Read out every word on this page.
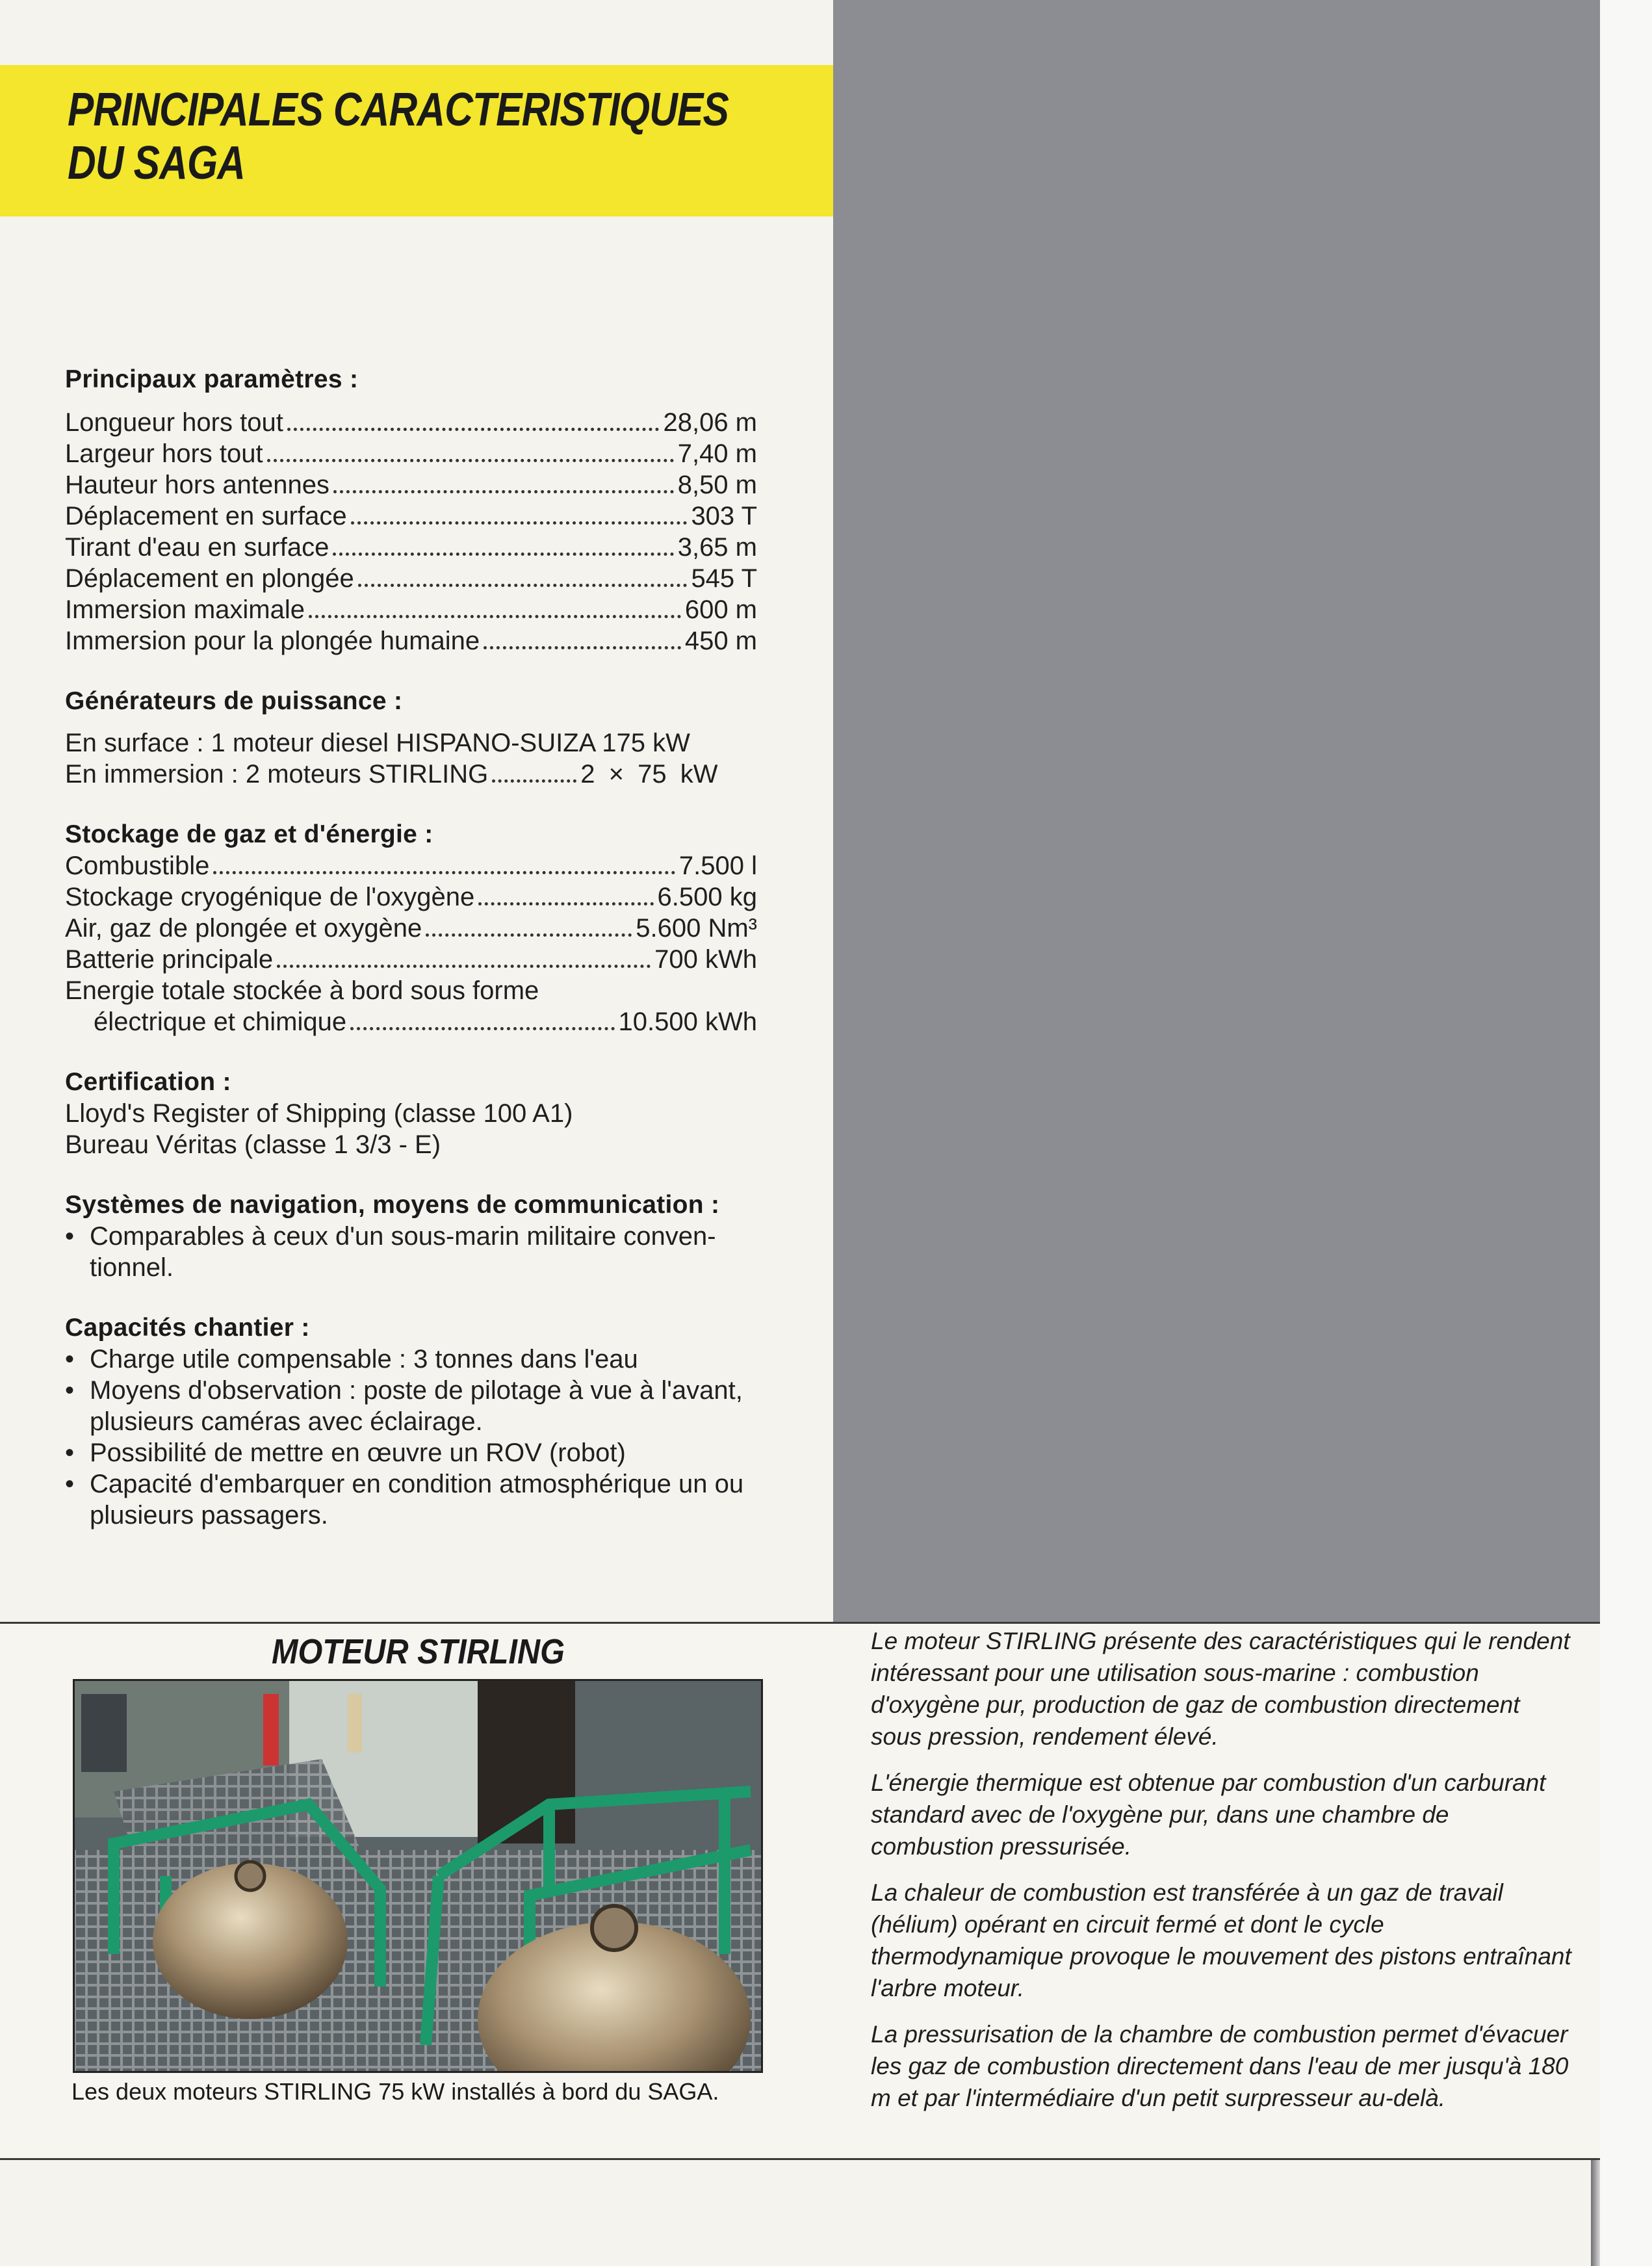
PRINCIPALES CARACTERISTIQUES
DU SAGA

Principaux paramètres :

Longueur hors tout	28,06 m
Largeur hors tout	7,40 m
Hauteur hors antennes	8,50 m
Déplacement en surface	303 T
Tirant d'eau en surface	3,65 m
Déplacement en plongée	545 T
Immersion maximale	600 m
Immersion pour la plongée humaine	450 m

Générateurs de puissance :

En surface : 1 moteur diesel HISPANO-SUIZA 175 kW
En immersion : 2 moteurs STIRLING	2 × 75 kW

Stockage de gaz et d'énergie :

Combustible	7.500 l
Stockage cryogénique de l'oxygène	6.500 kg
Air, gaz de plongée et oxygène	5.600 Nm³
Batterie principale	700 kWh
Energie totale stockée à bord sous forme
électrique et chimique	10.500 kWh

Certification :

Lloyd's Register of Shipping (classe 100 A1)
Bureau Véritas (classe 1 3/3 - E)

Systèmes de navigation, moyens de communication :

• Comparables à ceux d'un sous-marin militaire conven-tionnel.

Capacités chantier :

• Charge utile compensable : 3 tonnes dans l'eau
• Moyens d'observation : poste de pilotage à vue à l'avant, plusieurs caméras avec éclairage.
• Possibilité de mettre en œuvre un ROV (robot)
• Capacité d'embarquer en condition atmosphérique un ou plusieurs passagers.
MOTEUR STIRLING

Les deux moteurs STIRLING 75 kW installés à bord du SAGA.

Le moteur STIRLING présente des caractéristiques qui le rendent intéressant pour une utilisation sous-marine : combustion d'oxygène pur, production de gaz de combustion directement sous pression, rendement élevé.

L'énergie thermique est obtenue par combustion d'un carburant standard avec de l'oxygène pur, dans une chambre de combustion pressurisée.

La chaleur de combustion est transférée à un gaz de travail (hélium) opérant en circuit fermé et dont le cycle thermodynamique provoque le mouvement des pistons entraînant l'arbre moteur.

La pressurisation de la chambre de combustion permet d'évacuer les gaz de combustion directement dans l'eau de mer jusqu'à 180 m et par l'intermédiaire d'un petit surpresseur au-delà.
